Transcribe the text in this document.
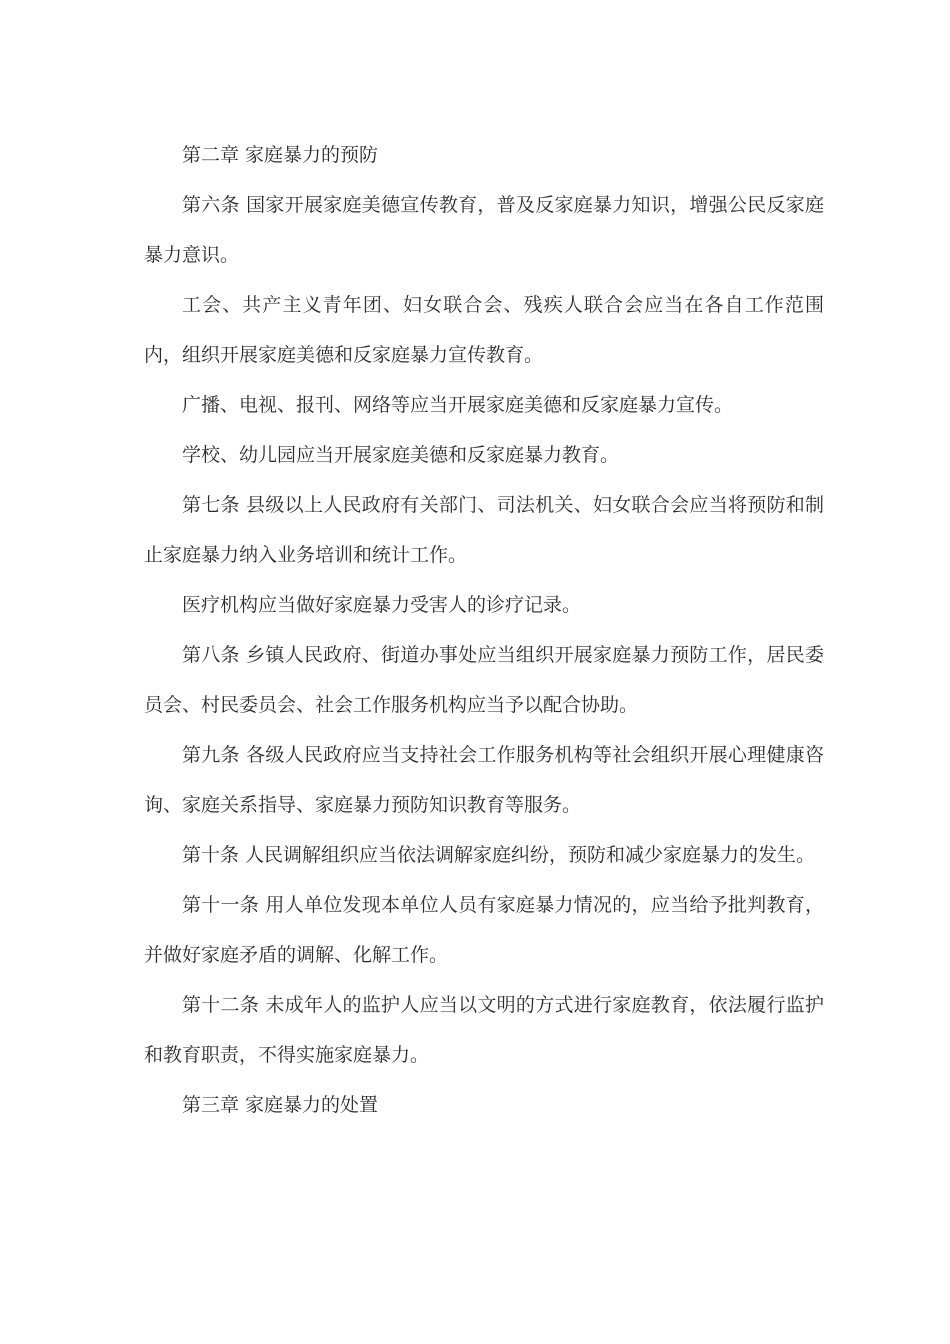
第二章 家庭暴力的预防

第六条 国家开展家庭美德宣传教育，普及反家庭暴力知识，增强公民反家庭暴力意识。

工会、共产主义青年团、妇女联合会、残疾人联合会应当在各自工作范围内，组织开展家庭美德和反家庭暴力宣传教育。

广播、电视、报刊、网络等应当开展家庭美德和反家庭暴力宣传。

学校、幼儿园应当开展家庭美德和反家庭暴力教育。

第七条 县级以上人民政府有关部门、司法机关、妇女联合会应当将预防和制止家庭暴力纳入业务培训和统计工作。

医疗机构应当做好家庭暴力受害人的诊疗记录。

第八条 乡镇人民政府、街道办事处应当组织开展家庭暴力预防工作，居民委员会、村民委员会、社会工作服务机构应当予以配合协助。

第九条 各级人民政府应当支持社会工作服务机构等社会组织开展心理健康咨询、家庭关系指导、家庭暴力预防知识教育等服务。

第十条 人民调解组织应当依法调解家庭纠纷，预防和减少家庭暴力的发生。

第十一条 用人单位发现本单位人员有家庭暴力情况的，应当给予批判教育，并做好家庭矛盾的调解、化解工作。

第十二条 未成年人的监护人应当以文明的方式进行家庭教育，依法履行监护和教育职责，不得实施家庭暴力。

第三章 家庭暴力的处置
